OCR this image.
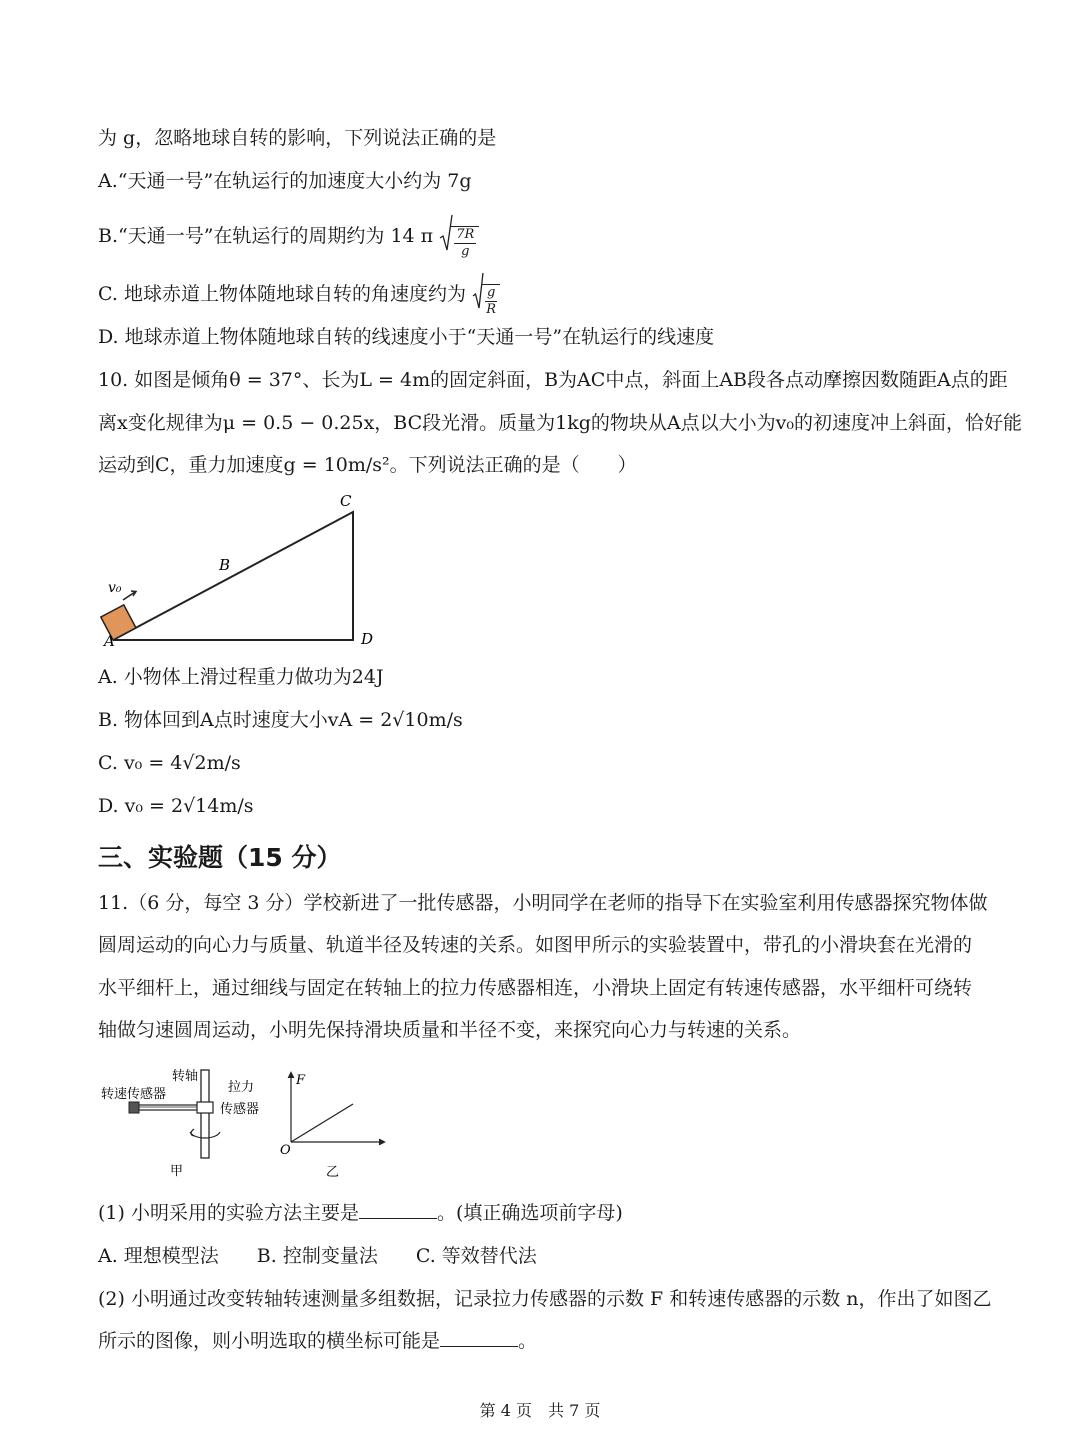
为 g，忽略地球自转的影响，下列说法正确的是
A.“天通一号”在轨运行的加速度大小约为 7g
B.“天通一号”在轨运行的周期约为 14 π $\frac{7R}{g}$
C. 地球赤道上物体随地球自转的角速度约为 $\frac{g}{R}$
D. 地球赤道上物体随地球自转的线速度小于“天通一号”在轨运行的线速度
10. 如图是倾角θ = 37°、长为L = 4m的固定斜面，B为AC中点，斜面上AB段各点动摩擦因数随距A点的距
离x变化规律为μ = 0.5 − 0.25x，BC段光滑。质量为1kg的物块从A点以大小为v₀的初速度冲上斜面，恰好能
运动到C，重力加速度g = 10m/s²。下列说法正确的是（　　）
v₀
A
B
C
D
A. 小物体上滑过程重力做功为24J
B. 物体回到A点时速度大小vA = 2√10m/s
C. v₀ = 4√2m/s
D. v₀ = 2√14m/s
三、实验题（15 分）
11.（6 分，每空 3 分）学校新进了一批传感器，小明同学在老师的指导下在实验室利用传感器探究物体做
圆周运动的向心力与质量、轨道半径及转速的关系。如图甲所示的实验装置中，带孔的小滑块套在光滑的
水平细杆上，通过细线与固定在转轴上的拉力传感器相连，小滑块上固定有转速传感器，水平细杆可绕转
轴做匀速圆周运动，小明先保持滑块质量和半径不变，来探究向心力与转速的关系。
转轴
转速传感器	拉力
传感器
甲
F
O
乙
(1) 小明采用的实验方法主要是	。(填正确选项前字母)
A. 理想模型法　　B. 控制变量法　　C. 等效替代法
(2) 小明通过改变转轴转速测量多组数据，记录拉力传感器的示数 F 和转速传感器的示数 n，作出了如图乙
所示的图像，则小明选取的横坐标可能是	。
第 4 页　共 7 页
